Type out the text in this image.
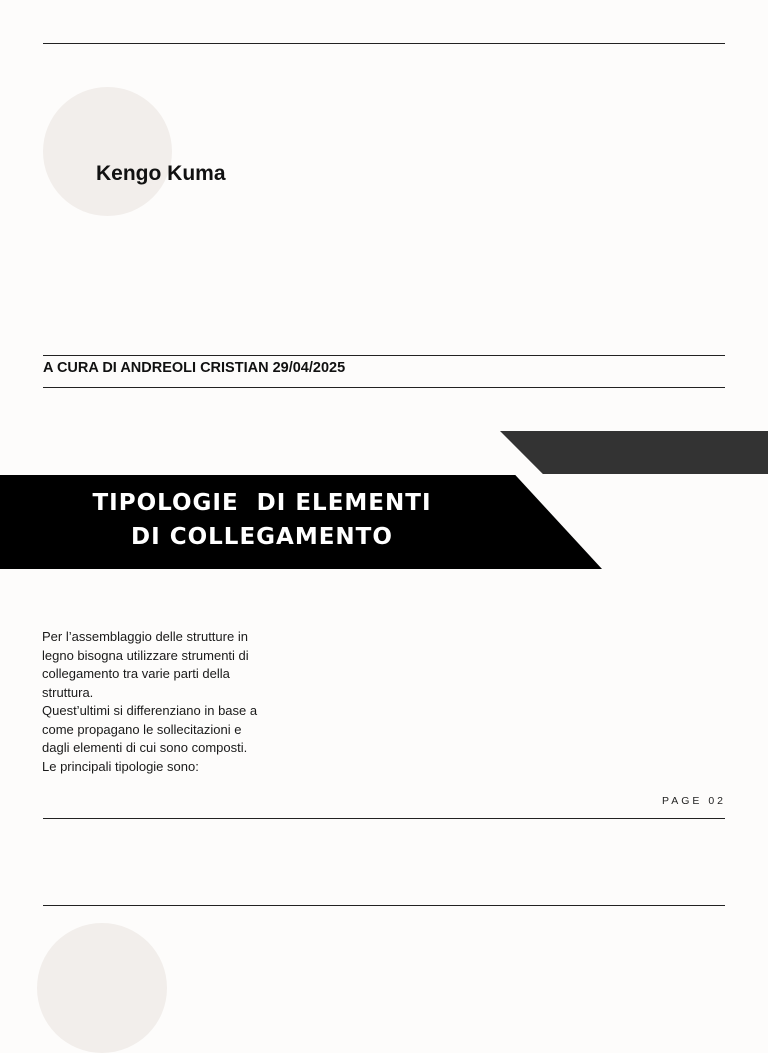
Kengo Kuma

A CURA DI ANDREOLI CRISTIAN 29/04/2025

TIPOLOGIE  DI ELEMENTI
DI COLLEGAMENTO

Per l’assemblaggio delle strutture in
legno bisogna utilizzare strumenti di
collegamento tra varie parti della
struttura.
Quest’ultimi si differenziano in base a
come propagano le sollecitazioni e
dagli elementi di cui sono composti.
Le principali tipologie sono:

PAGE 02
